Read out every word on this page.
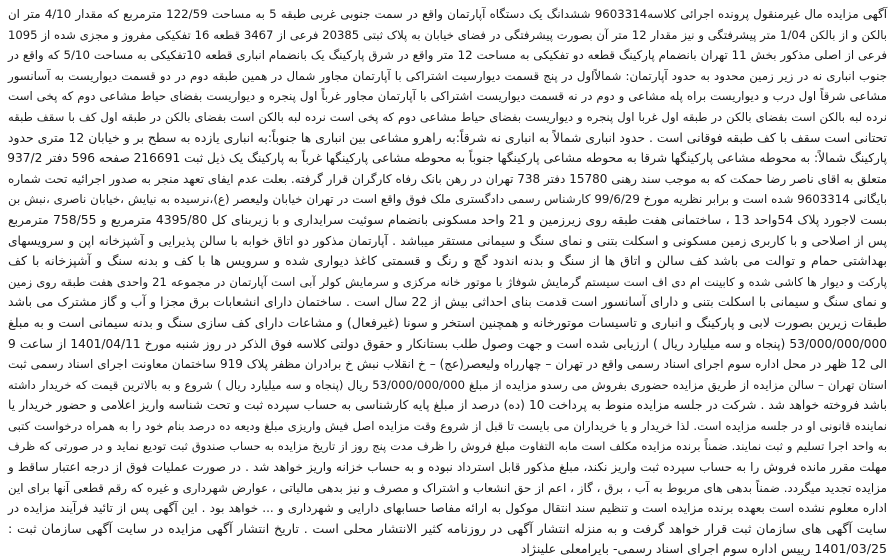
آگهی مزایده مال غیرمنقول پرونده اجرائی کلاسه9603314 ششدانگ یک دستگاه آپارتمان واقع در سمت جنوبی غربی طبقه 5 به مساحت 122/59 مترمربع که مقدار 4/10 متر ان
بالکن و از بالکن 1/04 متر پیشرفتگی و نیز مقدار 12 متر آن بصورت پیشرفتگی در فضای خیابان به پلاک ثبتی 20385 فرعی از 3467 قطعه 16 تفکیکی مفروز و مجزی شده از 1095
فرعی از اصلی مذکور بخش 11 تهران بانضمام پارکینگ قطعه دو تفکیکی به مساحت 12 متر واقع در شرق پارکینگ یک بانضمام انباری قطعه 10تفکیکی به مساحت 5/10 که واقع در
جنوب انباری نه در زیر زمین محدود به حدود آپارتمان: شمالاًاول در پنج قسمت دیوارسیت اشتراکی با آپارتمان مجاور شمال در همین طبقه دوم در دو قسمت دیواریست به آسانسور
مشاعی شرقاً اول درب و دیواریست براه پله مشاعی و دوم در نه قسمت دیواریست اشتراکی با آپارتمان مجاور غرباً اول پنجره و دیواریست بفضای حیاط مشاعی دوم که پخی است
نرده لبه بالکن است بفضای بالکن در طبقه اول غربا اول پنجره و دیواریست بفضای حیاط مشاعی دوم که پخی است نرده لبه بالکن است بفضای بالکن در طبقه اول کف با سقف طبقه
تحتانی است سقف با کف طبقه فوقانی است . حدود انباری شمالاً به انباری نه شرقاً:به راهرو مشاعی بین انباری ها جنوباً:به انباری یازده به سطح بر و خیابان 12 متری حدود
پارکینگ شمالاً: به محوطه مشاعی پارکینگها شرقا به محوطه مشاعی پارکینگها جنوباً به محوطه مشاعی پارکینگها غرباً به پارکینگ یک ذیل ثبت 216691 صفحه 596 دفتر 937/2
متعلق به اقای ناصر رضا حمکت که به موجب سند رهنی 15780 دفتر 738 تهران در رهن بانک رفاه کارگران قرار گرفته. بعلت عدم ایفای تعهد منجر به صدور اجرائیه تحت شماره
بایگانی 9603314 شده است و برابر نظریه مورخ 99/6/29 کارشناس رسمی دادگستری ملک فوق واقع است در تهران خیابان ولیعصر (ع)،نرسیده به نیایش ،خیابان ناصری ،نبش بن
بست لاجورد پلاک 54واحد 13 ، ساختمانی هفت طبقه روی زیرزمین و 21 واحد مسکونی بانضمام سوئیت سرایداری و با زیربنای کل 4395/80 مترمربع و 758/55 مترمربع
پس از اصلاحی و با کاربری زمین مسکونی و اسکلت بتنی و نمای سنگ و سیمانی مستقر میباشد . آپارتمان مذکور دو اتاق خوابه با سالن پذیرایی و آشپزخانه اپن و سرویسهای
بهداشتی حمام و توالت می باشد کف سالن و اتاق ها از سنگ و بدنه اندود گچ و رنگ و قسمتی کاغذ دیواری شده و سرویس ها با کف و بدنه سنگ و آشپزخانه با کف
پارکت و دیوار ها کاشی شده و کابینت ام دی اف است سیستم گرمایش شوفاژ با موتور خانه مرکزی و سرمایش کولر آبی است آپارتمان در مجموعه 21 واحدی هفت طبقه روی زمین
و نمای سنگ و سیمانی با اسکلت بتنی و دارای آسانسور است قدمت بنای احداثی بیش از 22 سال است . ساختمان دارای انشعابات برق مجزا و آب و گاز مشترک می باشد
طبقات زیرین بصورت لابی و پارکینگ و انباری و تاسیسات موتورخانه و همچنین استخر و سونا (غیرفعال) و مشاعات دارای کف سازی سنگ و بدنه سیمانی است و به مبلغ
53/000/000/000 (پنجاه و سه میلیارد ریال ) ارزیابی شده است و جهت وصول طلب بستانکار و حقوق دولتی کلاسه فوق الذکر در روز شنبه مورخ 1401/04/11 از ساعت 9
الی 12 ظهر در محل اداره سوم اجرای اسناد رسمی واقع در تهران – چهارراه ولیعصر(عج) – خ انقلاب نبش خ برادران مظفر پلاک 919 ساختمان معاونت اجرای اسناد رسمی ثبت
استان تهران – سالن مزایده از طریق مزایده حضوری بفروش می رسدو مزایده از مبلغ 53/000/000/000 ریال (پنجاه و سه میلیارد ریال ) شروع و به بالاترین قیمت که خریدار داشته
باشد فروخته خواهد شد . شرکت در جلسه مزایده منوط به پرداخت 10 (ده) درصد از مبلغ پایه کارشناسی به حساب سپرده ثبت و تحت شناسه واریز اعلامی و حضور خریدار یا
نماینده قانونی او در جلسه مزایده است. لذا خریدار و یا خریداران می بایست تا قبل از شروع وقت مزایده اصل فیش واریزی مبلغ ودیعه ده درصد بنام خود را به همراه درخواست کتبی
به واحد اجرا تسلیم و ثبت نمایند. ضمناً برنده مزایده مکلف است مابه التفاوت مبلغ فروش را ظرف مدت پنج روز از تاریخ مزایده به حساب صندوق ثبت تودیع نماید و در صورتی که ظرف
مهلت مقرر مانده فروش را به حساب سپرده ثبت واریز نکند، مبلغ مذکور قابل استرداد نبوده و به حساب خزانه واریز خواهد شد . در صورت عملیات فوق از درجه اعتبار ساقط و
مزایده تجدید میگردد. ضمناً بدهی های مربوط به آب ، برق ، گاز ، اعم از حق انشعاب و اشتراک و مصرف و نیز بدهی مالیاتی ، عوارض شهرداری و غیره که رقم قطعی آنها برای این
اداره معلوم نشده است بعهده برنده مزایده است و تنظیم سند انتقال موکول به ارائه مفاصا حسابهای دارایی و شهرداری و ... خواهد بود . این آگهی پس از تائید فرآیند مزایده در
سایت آگهی های سازمان ثبت قرار خواهد گرفت و به منزله انتشار آگهی در روزنامه کثیر الانتشار محلی است . تاریخ انتشار آگهی مزایده در سایت آگهی سازمان ثبت :
1401/03/25 رییس اداره سوم اجرای اسناد رسمی- بایرامعلی علینژاد
